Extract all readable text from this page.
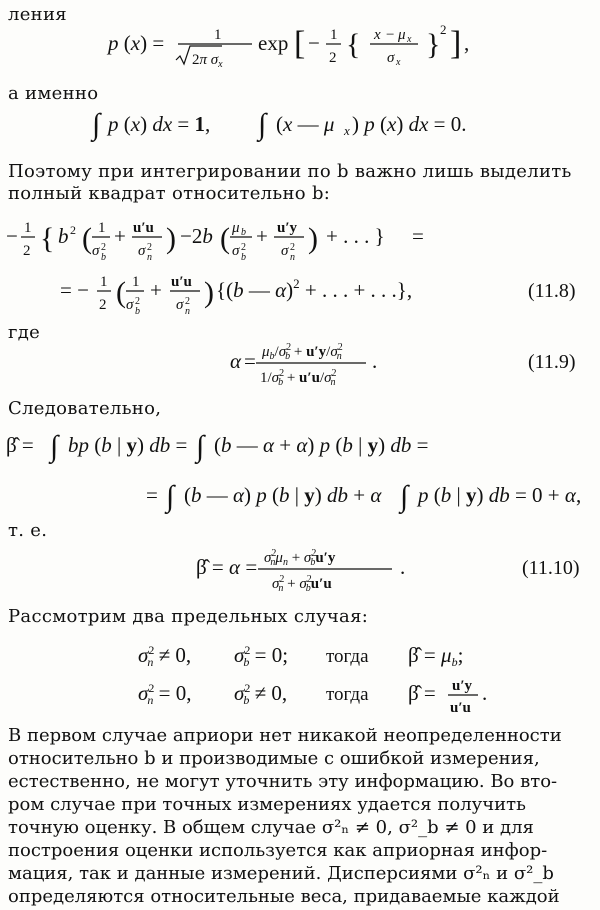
ления
p (x) =	1
2π $\sigma_x$
exp [ − 1
2 { x − μ x
σ x
} 2 ] ,
а именно
∫ p (x) dx = 1, ∫ (x — μ x ) p (x) dx = 0.
Поэтому при интегрировании по b важно лишь выделить
полный квадрат относительно b:
− 1
2 { b 2 ( 1
σ 2
b
+ u′u
σ 2
n
) −2b ( μ b
σ 2
b
+ u′y
σ 2
n
) + . . . } =
= − 1
2 ( 1
σ 2
b
+ u′u
σ 2
n
) {(b — α)$^2$ + . . . + . . .},	(11.8)
где
$\alpha = \mu_b/\sigma^2$ $b + u'y/\sigma^2$ n
$1/\sigma^2$ $b + u'u/\sigma^2$ n
.	(11.9)
Следовательно,
β̂ = ∫ bp (b | y) db = ∫ (b — α + α) p (b | y) db =
= ∫ (b — α) p (b | y) db + α ∫ p (b | y) db = 0 + α,
т. е.
β̂ = $\alpha = \sigma^2$ $n\mu_n + \sigma^2$ bu′y
$\sigma^2$ $n + \sigma^2$ bu′u
.	(11.10)
Рассмотрим два предельных случая:
$\sigma^2$ n ≠ 0, $\sigma^2$ b = 0; тогда β̂ = μb;
$\sigma^2$ n = 0, $\sigma^2$ b ≠ 0, тогда β̂ = u′y
u′u
.
В первом случае априори нет никакой неопределенности
относительно b и производимые с ошибкой измерения,
естественно, не могут уточнить эту информацию. Во вто-
ром случае при точных измерениях удается получить
точную оценку. В общем случае σ²ₙ ≠ 0, σ²_b ≠ 0 и для
построения оценки используется как априорная инфор-
мация, так и данные измерений. Дисперсиями σ²ₙ и σ²_b
определяются относительные веса, придаваемые каждой
